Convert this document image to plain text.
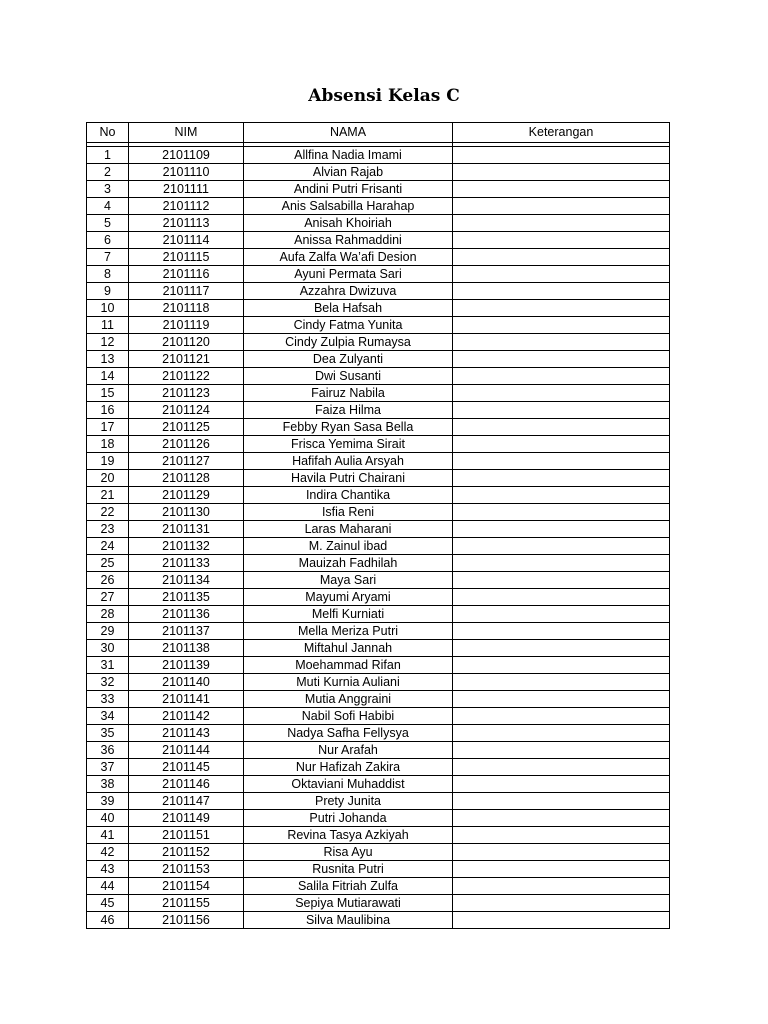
Absensi Kelas C
No	NIM	NAMA	Keterangan

1	2101109	Allfina Nadia Imami	
2	2101110	Alvian Rajab	
3	2101111	Andini Putri Frisanti	
4	2101112	Anis Salsabilla Harahap	
5	2101113	Anisah Khoiriah	
6	2101114	Anissa Rahmaddini	
7	2101115	Aufa Zalfa Wa’afi Desion	
8	2101116	Ayuni Permata Sari	
9	2101117	Azzahra Dwizuva	
10	2101118	Bela Hafsah	
11	2101119	Cindy Fatma Yunita	
12	2101120	Cindy Zulpia Rumaysa	
13	2101121	Dea Zulyanti	
14	2101122	Dwi Susanti	
15	2101123	Fairuz Nabila	
16	2101124	Faiza Hilma	
17	2101125	Febby Ryan Sasa Bella	
18	2101126	Frisca Yemima Sirait	
19	2101127	Hafifah Aulia Arsyah	
20	2101128	Havila Putri Chairani	
21	2101129	Indira Chantika	
22	2101130	Isfia Reni	
23	2101131	Laras Maharani	
24	2101132	M. Zainul ibad	
25	2101133	Mauizah Fadhilah	
26	2101134	Maya Sari	
27	2101135	Mayumi Aryami	
28	2101136	Melfi Kurniati	
29	2101137	Mella Meriza Putri	
30	2101138	Miftahul Jannah	
31	2101139	Moehammad Rifan	
32	2101140	Muti Kurnia Auliani	
33	2101141	Mutia Anggraini	
34	2101142	Nabil Sofi Habibi	
35	2101143	Nadya Safha Fellysya	
36	2101144	Nur Arafah	
37	2101145	Nur Hafizah Zakira	
38	2101146	Oktaviani Muhaddist	
39	2101147	Prety Junita	
40	2101149	Putri Johanda	
41	2101151	Revina Tasya Azkiyah	
42	2101152	Risa Ayu	
43	2101153	Rusnita Putri	
44	2101154	Salila Fitriah Zulfa	
45	2101155	Sepiya Mutiarawati	
46	2101156	Silva Maulibina	
